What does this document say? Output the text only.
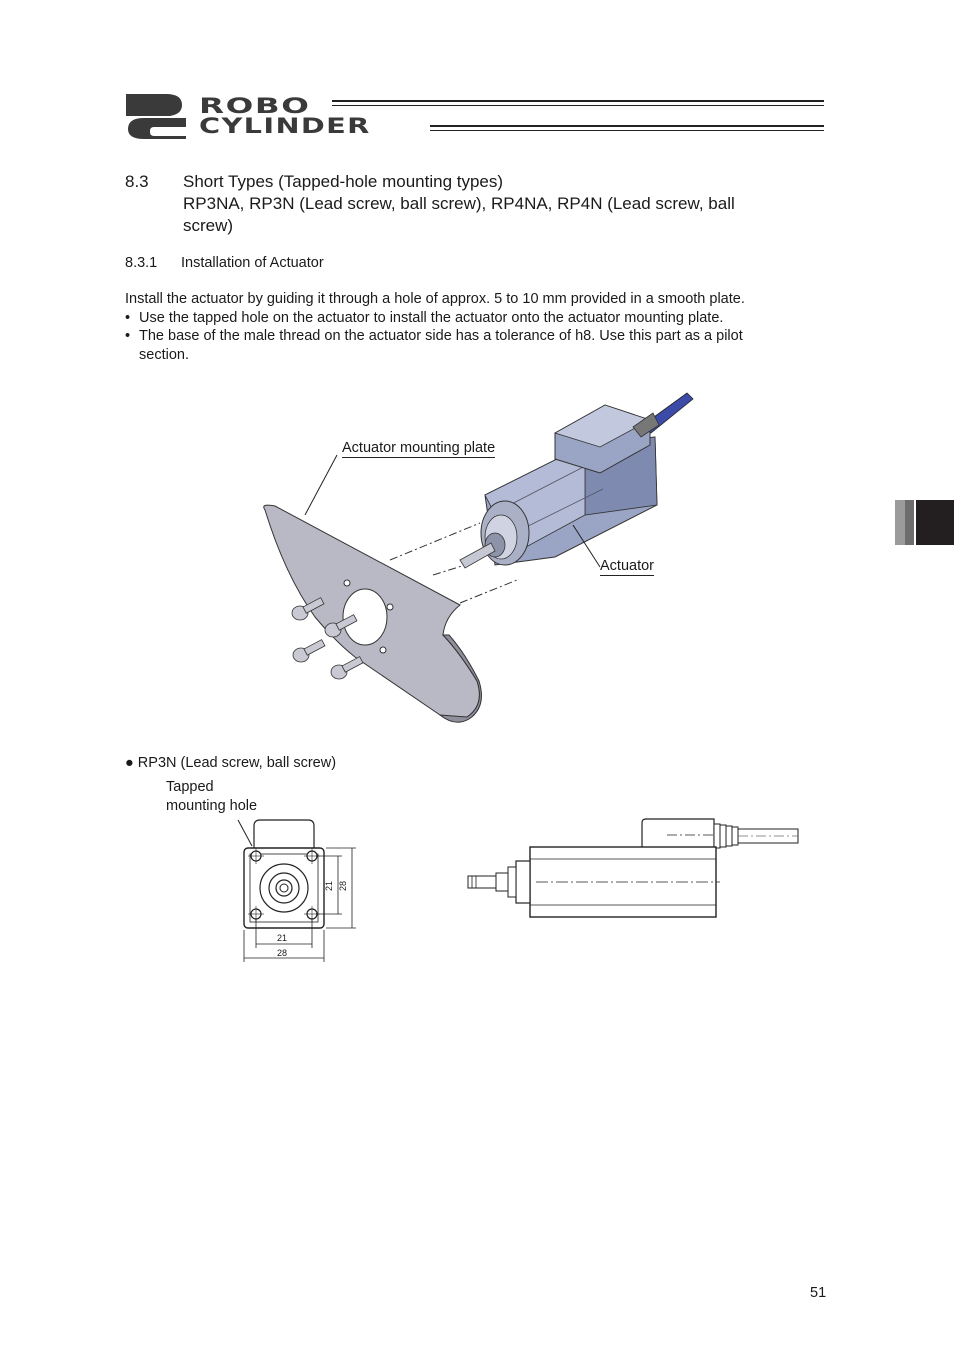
ROBO
CYLINDER
8.3 Short Types (Tapped-hole mounting types)
RP3NA, RP3N (Lead screw, ball screw), RP4NA, RP4N (Lead screw, ball
screw)
8.3.1 Installation of Actuator
Install the actuator by guiding it through a hole of approx. 5 to 10 mm provided in a smooth plate.
• Use the tapped hole on the actuator to install the actuator onto the actuator mounting plate.
• The base of the male thread on the actuator side has a tolerance of h8. Use this part as a pilot
section.
Actuator mounting plate
Actuator
● RP3N (Lead screw, ball screw)
Tapped
mounting hole
21 28
21
28
51
